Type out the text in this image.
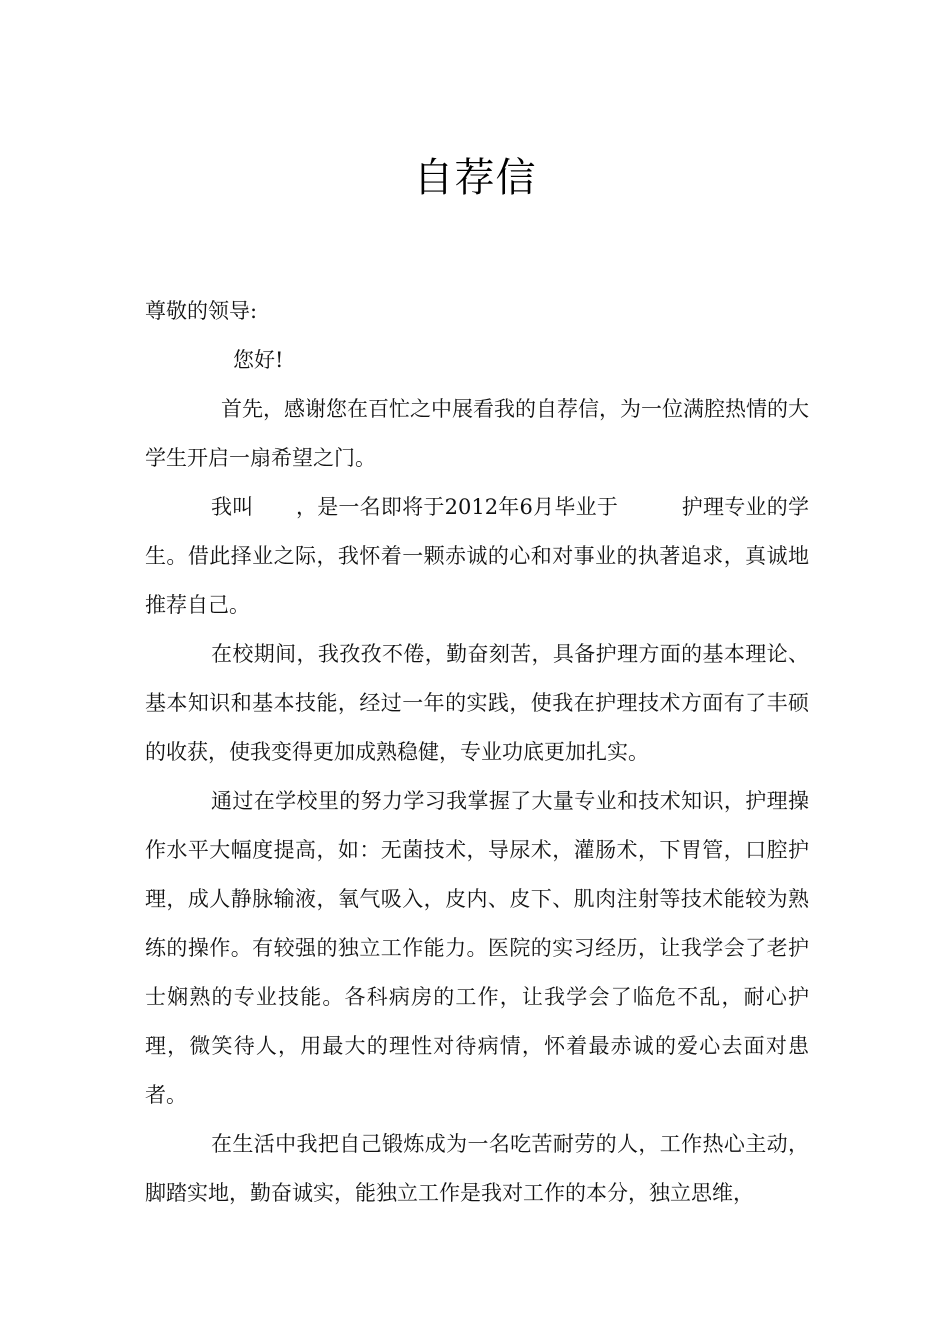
自荐信

尊敬的领导:

您好!

首先，感谢您在百忙之中展看我的自荐信，为一位满腔热情的大学生开启一扇希望之门。

我叫　　，是一名即将于2012年6月毕业于　　　护理专业的学生。借此择业之际，我怀着一颗赤诚的心和对事业的执著追求，真诚地推荐自己。

在校期间，我孜孜不倦，勤奋刻苦，具备护理方面的基本理论、基本知识和基本技能，经过一年的实践，使我在护理技术方面有了丰硕的收获，使我变得更加成熟稳健，专业功底更加扎实。

通过在学校里的努力学习我掌握了大量专业和技术知识，护理操作水平大幅度提高，如：无菌技术，导尿术，灌肠术，下胃管，口腔护理，成人静脉输液，氧气吸入，皮内、皮下、肌肉注射等技术能较为熟练的操作。有较强的独立工作能力。医院的实习经历，让我学会了老护士娴熟的专业技能。各科病房的工作，让我学会了临危不乱，耐心护理，微笑待人，用最大的理性对待病情，怀着最赤诚的爱心去面对患者。

在生活中我把自己锻炼成为一名吃苦耐劳的人，工作热心主动，脚踏实地，勤奋诚实，能独立工作是我对工作的本分，独立思维，
